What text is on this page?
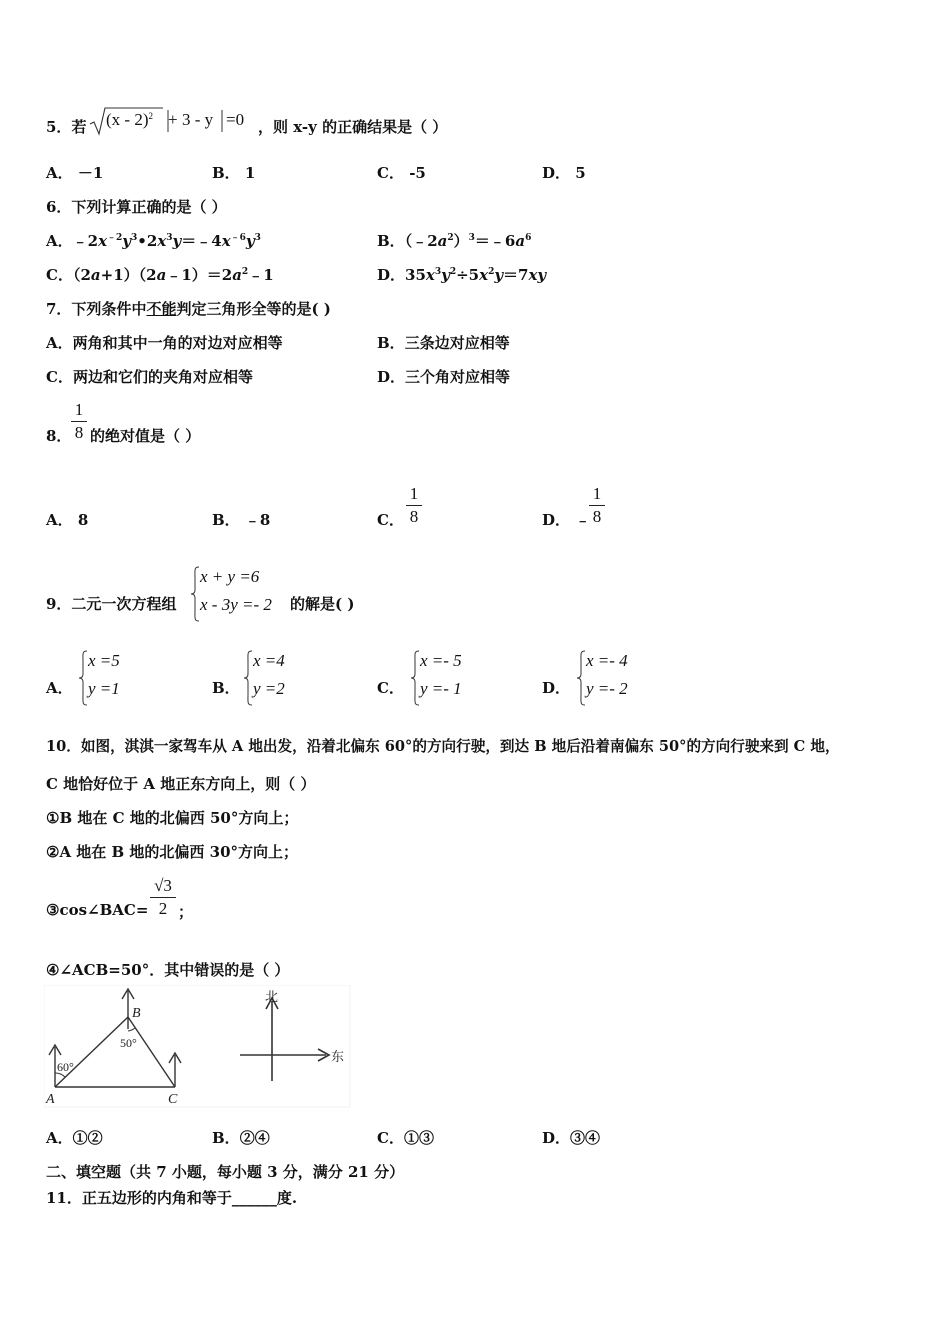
5．若 (x - 2)$^2$ + 3 - y =0 ，则 x-y 的正确结果是（ ）
A． －1	B． 1	C． -5	D． 5
6．下列计算正确的是（ ）
A．$﹣2x^{﹣2}y^3•2x^3y=﹣4x^{﹣6}y^3$	B．$(﹣2a^2)^3=﹣6a^6$
C．$(2a+1)(2a﹣1)=2a^2﹣1$	D．$35x^3y^2\div 5x^2y=7xy$
7．下列条件中不能判定三角形全等的是( )
A．两角和其中一角的对边对应相等	B．三条边对应相等
C．两边和它们的夹角对应相等	D．三个角对应相等
8．
1
8 的绝对值是（ ）
A． 8	B． ﹣8	C．
1
8	D． ﹣
1
8
9．二元一次方程组
x + y =6
x - 3y =- 2 的解是( )
A．
x =5
y =1	B．
x =4
y =2	C．
x =- 5
y =- 1	D．
x =- 4
y =- 2
10．如图，淇淇一家驾车从 A 地出发，沿着北偏东 60°的方向行驶，到达 B 地后沿着南偏东 50°的方向行驶来到 C 地，
C 地恰好位于 A 地正东方向上，则（ ）
①B 地在 C 地的北偏西 50°方向上；
②A 地在 B 地的北偏西 30°方向上；
③cos∠BAC=
√3
2 ；
④∠ACB=50°．其中错误的是（ ）
A
B
C
60°
50°
北
东
A．①②	B．②④	C．①③	D．③④
二、填空题（共 7 小题，每小题 3 分，满分 21 分）
11．正五边形的内角和等于______度.
